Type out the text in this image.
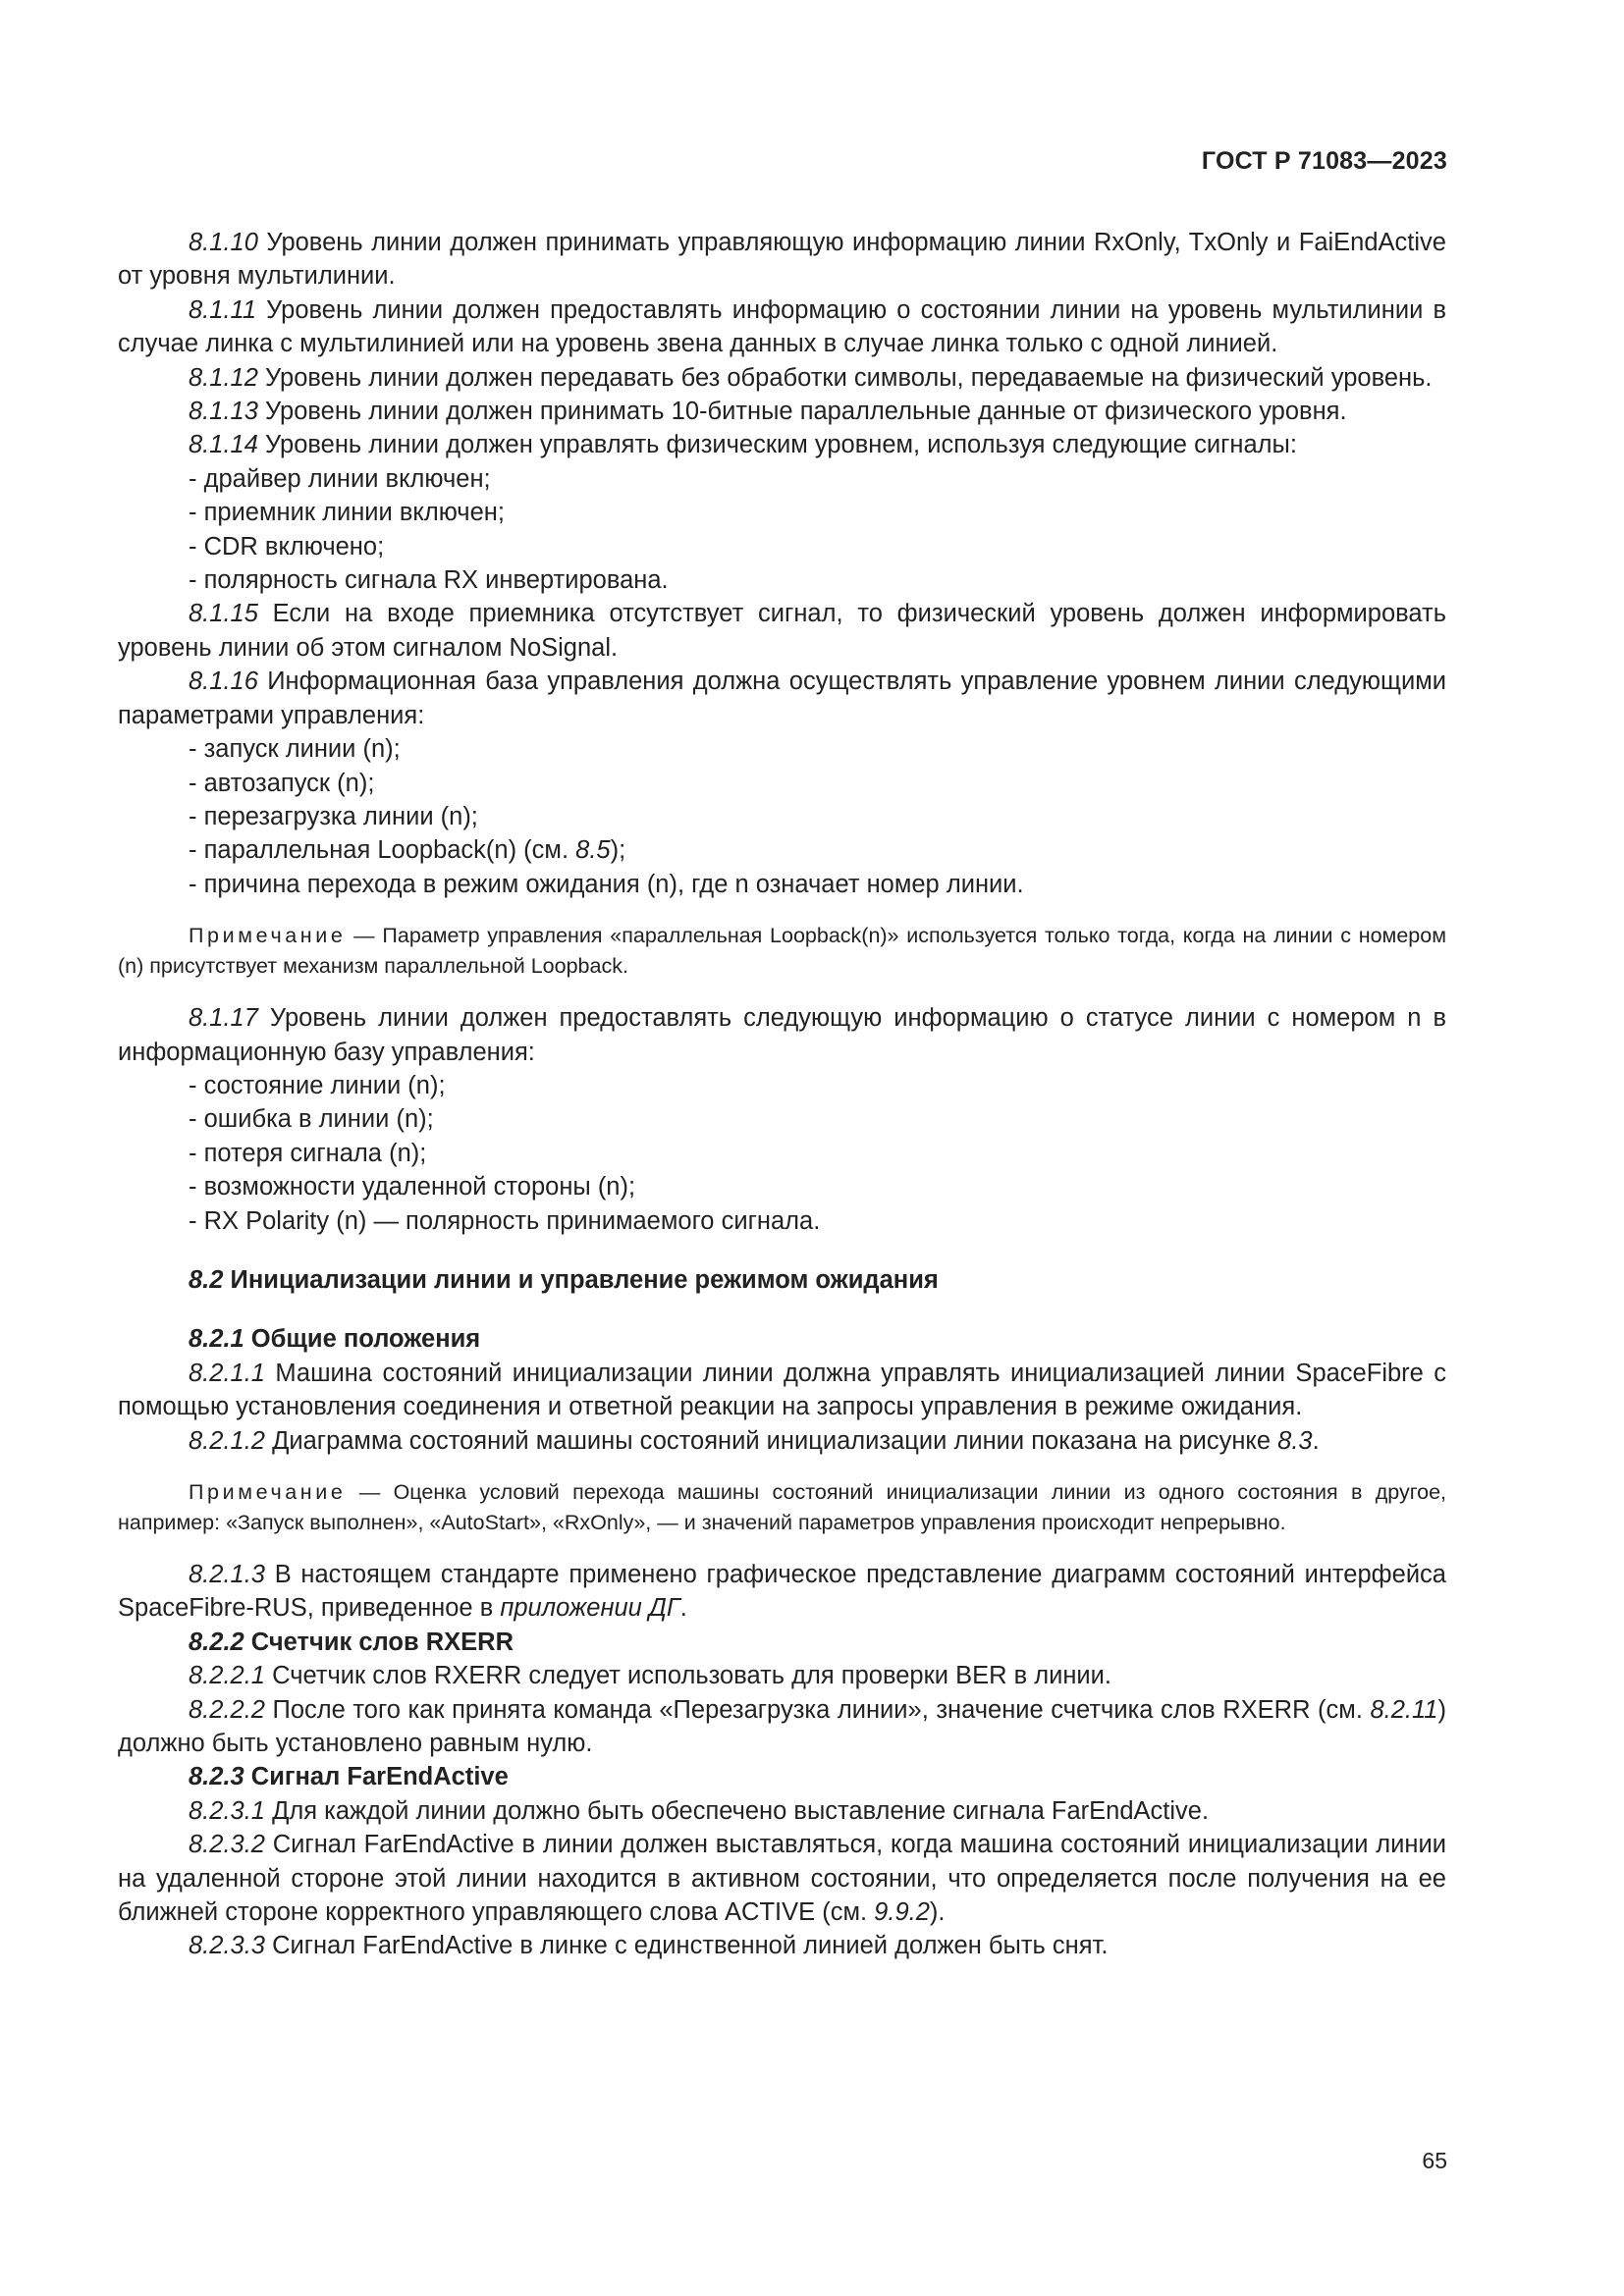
ГОСТ Р 71083—2023

8.1.10 Уровень линии должен принимать управляющую информацию линии RxOnly, TxOnly и FaiEndActive от уровня мультилинии.

8.1.11 Уровень линии должен предоставлять информацию о состоянии линии на уровень мультилинии в случае линка с мультилинией или на уровень звена данных в случае линка только с одной линией.

8.1.12 Уровень линии должен передавать без обработки символы, передаваемые на физический уровень.

8.1.13 Уровень линии должен принимать 10-битные параллельные данные от физического уровня.

8.1.14 Уровень линии должен управлять физическим уровнем, используя следующие сигналы:

- драйвер линии включен;

- приемник линии включен;

- CDR включено;

- полярность сигнала RX инвертирована.

8.1.15 Если на входе приемника отсутствует сигнал, то физический уровень должен информировать уровень линии об этом сигналом NoSignal.

8.1.16 Информационная база управления должна осуществлять управление уровнем линии следующими параметрами управления:

- запуск линии (n);

- автозапуск (n);

- перезагрузка линии (n);

- параллельная Loopback(n) (см. 8.5);

- причина перехода в режим ожидания (n), где n означает номер линии.

Примечание — Параметр управления «параллельная Loopback(n)» используется только тогда, когда на линии с номером (n) присутствует механизм параллельной Loopback.

8.1.17 Уровень линии должен предоставлять следующую информацию о статусе линии с номером n в информационную базу управления:

- состояние линии (n);

- ошибка в линии (n);

- потеря сигнала (n);

- возможности удаленной стороны (n);

- RX Polarity (n) — полярность принимаемого сигнала.

8.2 Инициализации линии и управление режимом ожидания

8.2.1 Общие положения

8.2.1.1 Машина состояний инициализации линии должна управлять инициализацией линии SpaceFibre с помощью установления соединения и ответной реакции на запросы управления в режиме ожидания.

8.2.1.2 Диаграмма состояний машины состояний инициализации линии показана на рисунке 8.3.

Примечание — Оценка условий перехода машины состояний инициализации линии из одного состояния в другое, например: «Запуск выполнен», «AutoStart», «RxOnly», — и значений параметров управления происходит непрерывно.

8.2.1.3 В настоящем стандарте применено графическое представление диаграмм состояний интерфейса SpaceFibre-RUS, приведенное в приложении ДГ.

8.2.2 Счетчик слов RXERR

8.2.2.1 Счетчик слов RXERR следует использовать для проверки BER в линии.

8.2.2.2 После того как принята команда «Перезагрузка линии», значение счетчика слов RXERR (см. 8.2.11) должно быть установлено равным нулю.

8.2.3 Сигнал FarEndActive

8.2.3.1 Для каждой линии должно быть обеспечено выставление сигнала FarEndActive.

8.2.3.2 Сигнал FarEndActive в линии должен выставляться, когда машина состояний инициализации линии на удаленной стороне этой линии находится в активном состоянии, что определяется после получения на ее ближней стороне корректного управляющего слова ACTIVE (см. 9.9.2).

8.2.3.3 Сигнал FarEndActive в линке с единственной линией должен быть снят.

65
